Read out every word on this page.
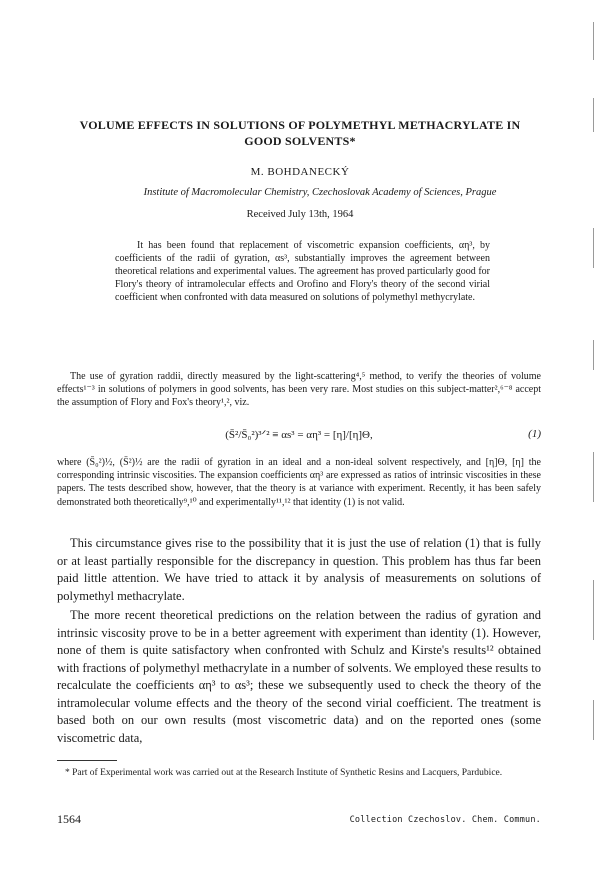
VOLUME EFFECTS IN SOLUTIONS OF POLYMETHYL METHACRYLATE IN GOOD SOLVENTS*
M. BOHDANECKÝ
Institute of Macromolecular Chemistry, Czechoslovak Academy of Sciences, Prague
Received July 13th, 1964

It has been found that replacement of viscometric expansion coefficients, αη³, by coefficients of the radii of gyration, αs³, substantially improves the agreement between theoretical relations and experimental values. The agreement has proved particularly good for Flory's theory of intramolecular effects and Orofino and Flory's theory of the second virial coefficient when confronted with data measured on solutions of polymethyl methycrylate.

The use of gyration raddii, directly measured by the light-scattering⁴,⁵ method, to verify the theories of volume effects¹⁻³ in solutions of polymers in good solvents, has been very rare. Most studies on this subject-matter²,⁶⁻⁸ accept the assumption of Flory and Fox's theory¹,², viz.

(S̄²/S̄₀²)³ᐟ² ≡ αs³ = αη³ = [η]/[η]Θ,	(1)

where (S̄₀²)½, (S̄²)½ are the radii of gyration in an ideal and a non-ideal solvent respectively, and [η]Θ, [η] the corresponding intrinsic viscosities. The expansion coefficients αη³ are expressed as ratios of intrinsic viscosities in these papers. The tests described show, however, that the theory is at variance with experiment. Recently, it has been safely demonstrated both theoretically⁹,¹⁰ and experimentally¹¹,¹² that identity (1) is not valid.

This circumstance gives rise to the possibility that it is just the use of relation (1) that is fully or at least partially responsible for the discrepancy in question. This problem has thus far been paid little attention. We have tried to attack it by analysis of measurements on solutions of polymethyl methacrylate.

The more recent theoretical predictions on the relation between the radius of gyration and intrinsic viscosity prove to be in a better agreement with experiment than identity (1). However, none of them is quite satisfactory when confronted with Schulz and Kirste's results¹² obtained with fractions of polymethyl methacrylate in a number of solvents. We employed these results to recalculate the coefficients αη³ to αs³; these we subsequently used to check the theory of the intramolecular volume effects and the theory of the second virial coefficient. The treatment is based both on our own results (most viscometric data) and on the reported ones (some viscometric data,

* Part of Experimental work was carried out at the Research Institute of Synthetic Resins and Lacquers, Pardubice.

1564	Collection Czechoslov. Chem. Commun.
